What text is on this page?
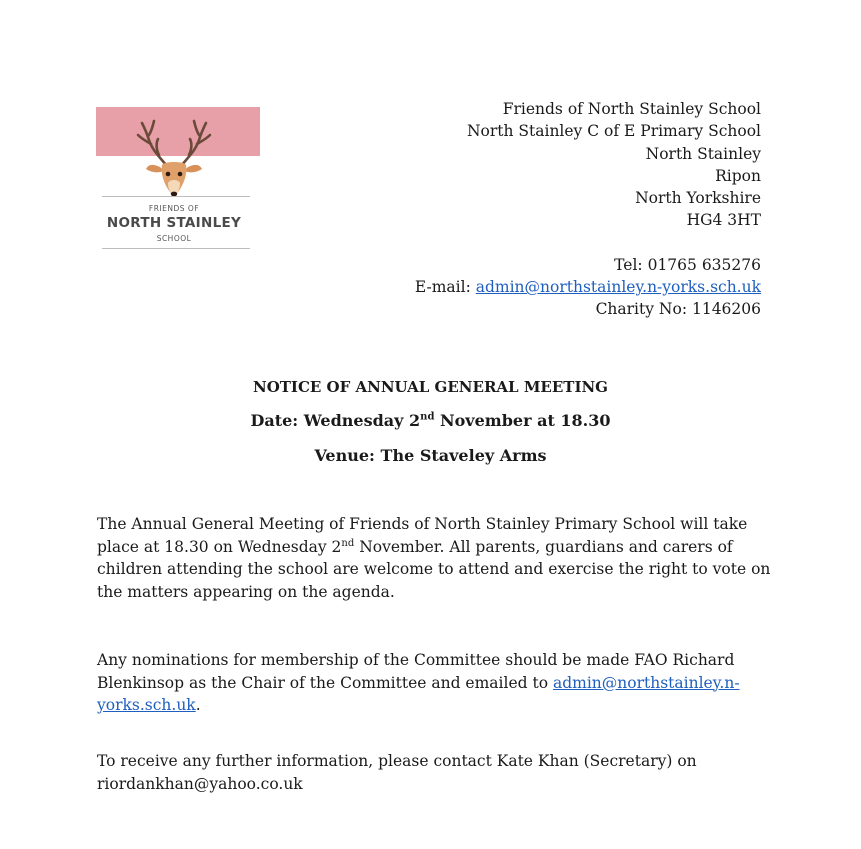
FRIENDS OF
NORTH STAINLEY
SCHOOL
Friends of North Stainley School
North Stainley C of E Primary School
North Stainley
Ripon
North Yorkshire
HG4 3HT
Tel: 01765 635276
E-mail: admin@northstainley.n-yorks.sch.uk
Charity No: 1146206
NOTICE OF ANNUAL GENERAL MEETING
Date: Wednesday 2nd November at 18.30
Venue: The Staveley Arms
The Annual General Meeting of Friends of North Stainley Primary School will take place at 18.30 on Wednesday 2nd November. All parents, guardians and carers of children attending the school are welcome to attend and exercise the right to vote on the matters appearing on the agenda.
Any nominations for membership of the Committee should be made FAO Richard Blenkinsop as the Chair of the Committee and emailed to admin@northstainley.n-yorks.sch.uk.
To receive any further information, please contact Kate Khan (Secretary) on riordankhan@yahoo.co.uk
